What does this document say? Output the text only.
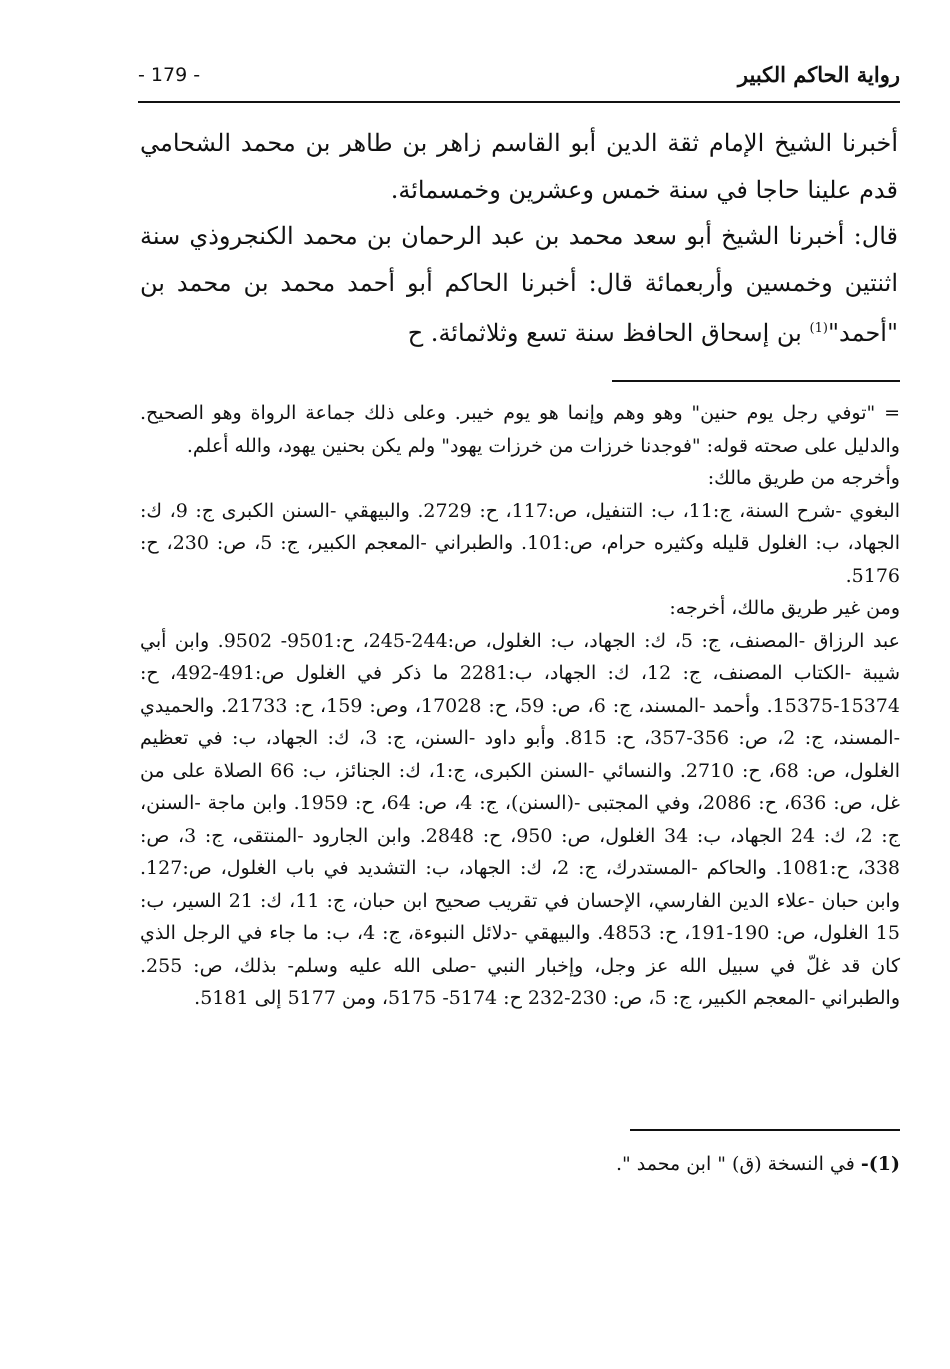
رواية الحاكم الكبير
- 179 -

أخبرنا الشيخ الإمام ثقة الدين أبو القاسم زاهر بن طاهر بن محمد الشحامي قدم علينا حاجا في سنة خمس وعشرين وخمسمائة.

قال: أخبرنا الشيخ أبو سعد محمد بن عبد الرحمان بن محمد الكنجروذي سنة اثنتين وخمسين وأربعمائة قال: أخبرنا الحاكم أبو أحمد محمد بن محمد بن "أحمد"$^{(1)}$ بن إسحاق الحافظ سنة تسع وثلاثمائة. ح

= "توفي رجل يوم حنين" وهو وهم وإنما هو يوم خيبر. وعلى ذلك جماعة الرواة وهو الصحيح. والدليل على صحته قوله: "فوجدنا خرزات من خرزات يهود" ولم يكن بحنين يهود، والله أعلم.

وأخرجه من طريق مالك:

البغوي -شرح السنة، ج:11، ب: التنفيل، ص:117، ح: 2729. والبيهقي -السنن الكبرى ج: 9، ك: الجهاد، ب: الغلول قليله وكثيره حرام، ص:101. والطبراني -المعجم الكبير، ج: 5، ص: 230، ح: 5176.

ومن غير طريق مالك، أخرجه:

عبد الرزاق -المصنف، ج: 5، ك: الجهاد، ب: الغلول، ص:244-245، ح:9501- 9502. وابن أبي شيبة -الكتاب المصنف، ج: 12، ك: الجهاد، ب:2281 ما ذكر في الغلول ص:491-492، ح: 15374-15375. وأحمد -المسند، ج: 6، ص: 59، ح: 17028، وص: 159، ح: 21733. والحميدي -المسند، ج: 2، ص: 356-357، ح: 815. وأبو داود -السنن، ج: 3، ك: الجهاد، ب: في تعظيم الغلول، ص: 68، ح: 2710. والنسائي -السنن الكبرى، ج:1، ك: الجنائز، ب: 66 الصلاة على من غل، ص: 636، ح: 2086، وفي المجتبى -(السنن)، ج: 4، ص: 64، ح: 1959. وابن ماجة -السنن، ج: 2، ك: 24 الجهاد، ب: 34 الغلول، ص: 950، ح: 2848. وابن الجارود -المنتقى، ج: 3، ص: 338، ح:1081. والحاكم -المستدرك، ج: 2، ك: الجهاد، ب: التشديد في باب الغلول، ص:127. وابن حبان -علاء الدين الفارسي، الإحسان في تقريب صحيح ابن حبان، ج: 11، ك: 21 السير، ب: 15 الغلول، ص: 190-191، ح: 4853. والبيهقي -دلائل النبوءة، ج: 4، ب: ما جاء في الرجل الذي كان قد غلّ في سبيل الله عز وجل، وإخبار النبي -صلى الله عليه وسلم- بذلك، ص: 255. والطبراني -المعجم الكبير، ج: 5، ص: 230-232 ح: 5174- 5175، ومن 5177 إلى 5181.

(1)- في النسخة (ق) " ابن محمد ".
